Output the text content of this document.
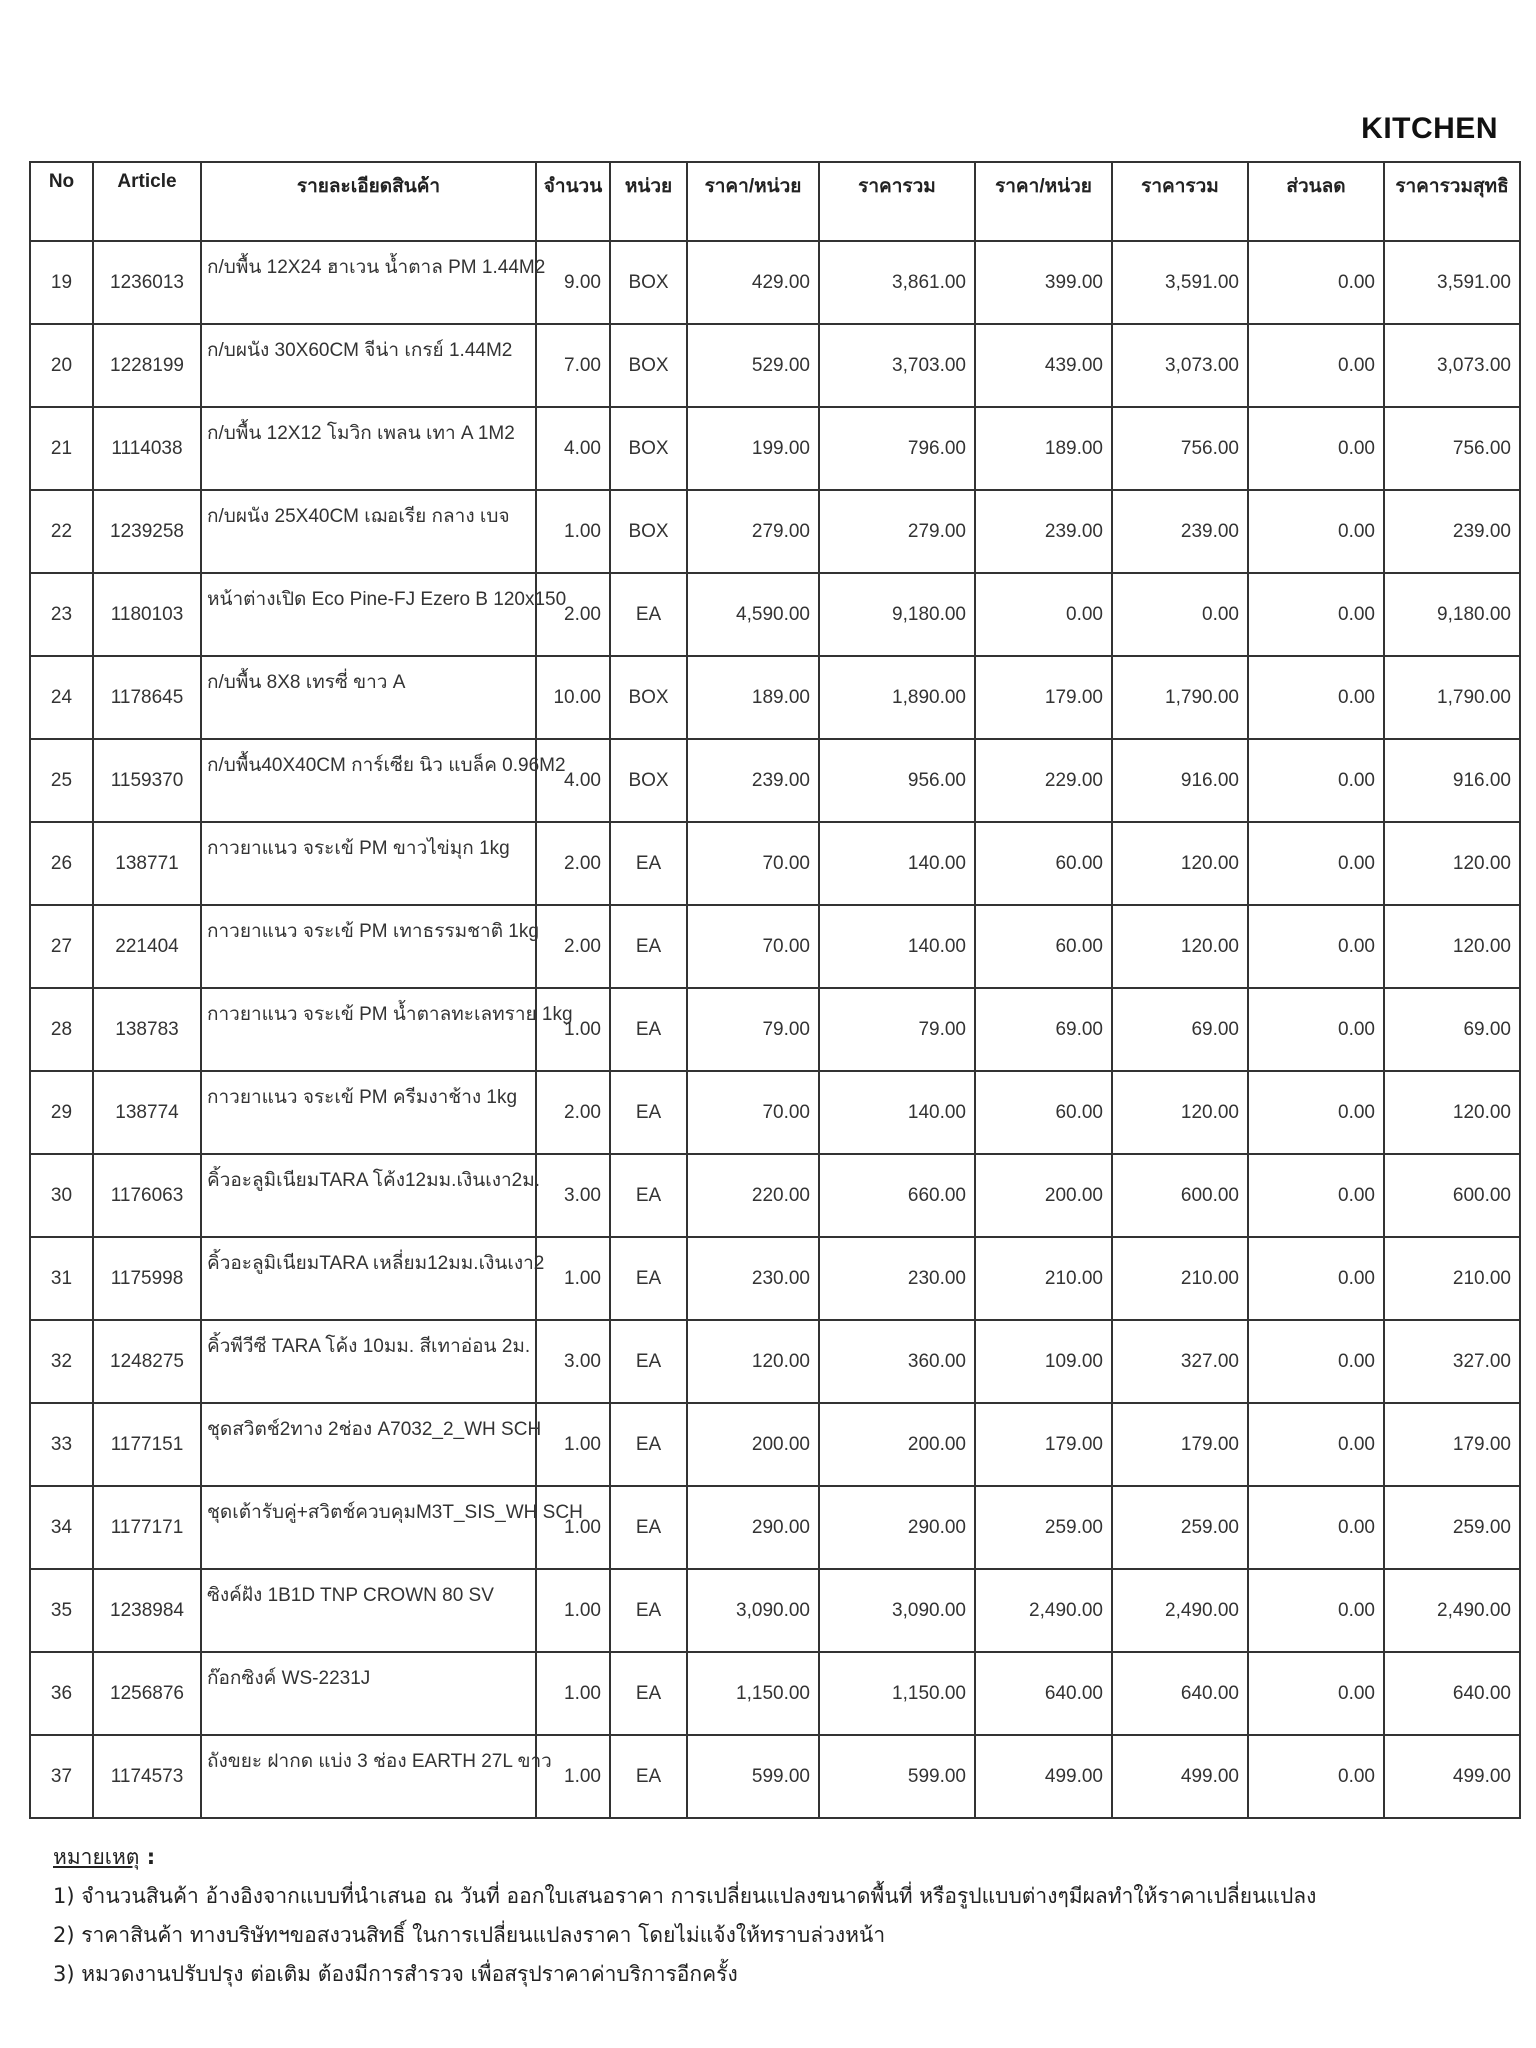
KITCHEN
No	Article	รายละเอียดสินค้า	จำนวน	หน่วย	ราคา/หน่วย	ราคารวม	ราคา/หน่วย	ราคารวม	ส่วนลด	ราคารวมสุทธิ
19	1236013	ก/บพื้น 12X24 ฮาเวน น้ำตาล PM 1.44M2	9.00	BOX	429.00	3,861.00	399.00	3,591.00	0.00	3,591.00
20	1228199	ก/บผนัง 30X60CM จีน่า เกรย์ 1.44M2	7.00	BOX	529.00	3,703.00	439.00	3,073.00	0.00	3,073.00
21	1114038	ก/บพื้น 12X12 โมวิก เพลน เทา A 1M2	4.00	BOX	199.00	796.00	189.00	756.00	0.00	756.00
22	1239258	ก/บผนัง 25X40CM เฌอเรีย กลาง เบจ	1.00	BOX	279.00	279.00	239.00	239.00	0.00	239.00
23	1180103	หน้าต่างเปิด Eco Pine-FJ Ezero B 120x150	2.00	EA	4,590.00	9,180.00	0.00	0.00	0.00	9,180.00
24	1178645	ก/บพื้น 8X8 เทรซี่ ขาว A	10.00	BOX	189.00	1,890.00	179.00	1,790.00	0.00	1,790.00
25	1159370	ก/บพื้น40X40CM การ์เซีย นิว แบล็ค 0.96M2	4.00	BOX	239.00	956.00	229.00	916.00	0.00	916.00
26	138771	กาวยาแนว จระเข้ PM ขาวไข่มุก 1kg	2.00	EA	70.00	140.00	60.00	120.00	0.00	120.00
27	221404	กาวยาแนว จระเข้ PM เทาธรรมชาติ 1kg	2.00	EA	70.00	140.00	60.00	120.00	0.00	120.00
28	138783	กาวยาแนว จระเข้ PM น้ำตาลทะเลทราย 1kg	1.00	EA	79.00	79.00	69.00	69.00	0.00	69.00
29	138774	กาวยาแนว จระเข้ PM ครีมงาช้าง 1kg	2.00	EA	70.00	140.00	60.00	120.00	0.00	120.00
30	1176063	คิ้วอะลูมิเนียมTARA โค้ง12มม.เงินเงา2ม.	3.00	EA	220.00	660.00	200.00	600.00	0.00	600.00
31	1175998	คิ้วอะลูมิเนียมTARA เหลี่ยม12มม.เงินเงา2	1.00	EA	230.00	230.00	210.00	210.00	0.00	210.00
32	1248275	คิ้วพีวีซี TARA โค้ง 10มม. สีเทาอ่อน 2ม.	3.00	EA	120.00	360.00	109.00	327.00	0.00	327.00
33	1177151	ชุดสวิตช์2ทาง 2ช่อง A7032_2_WH SCH	1.00	EA	200.00	200.00	179.00	179.00	0.00	179.00
34	1177171	ชุดเต้ารับคู่+สวิตช์ควบคุมM3T_SIS_WH SCH	1.00	EA	290.00	290.00	259.00	259.00	0.00	259.00
35	1238984	ซิงค์ฝัง 1B1D TNP CROWN 80 SV	1.00	EA	3,090.00	3,090.00	2,490.00	2,490.00	0.00	2,490.00
36	1256876	ก๊อกซิงค์ WS-2231J	1.00	EA	1,150.00	1,150.00	640.00	640.00	0.00	640.00
37	1174573	ถังขยะ ฝากด แบ่ง 3 ช่อง EARTH 27L ขาว	1.00	EA	599.00	599.00	499.00	499.00	0.00	499.00
หมายเหตุ :
1) จำนวนสินค้า อ้างอิงจากแบบที่นำเสนอ ณ วันที่ ออกใบเสนอราคา การเปลี่ยนแปลงขนาดพื้นที่ หรือรูปแบบต่างๆมีผลทำให้ราคาเปลี่ยนแปลง
2) ราคาสินค้า ทางบริษัทฯขอสงวนสิทธิ์ ในการเปลี่ยนแปลงราคา โดยไม่แจ้งให้ทราบล่วงหน้า
3) หมวดงานปรับปรุง ต่อเติม ต้องมีการสำรวจ เพื่อสรุปราคาค่าบริการอีกครั้ง
